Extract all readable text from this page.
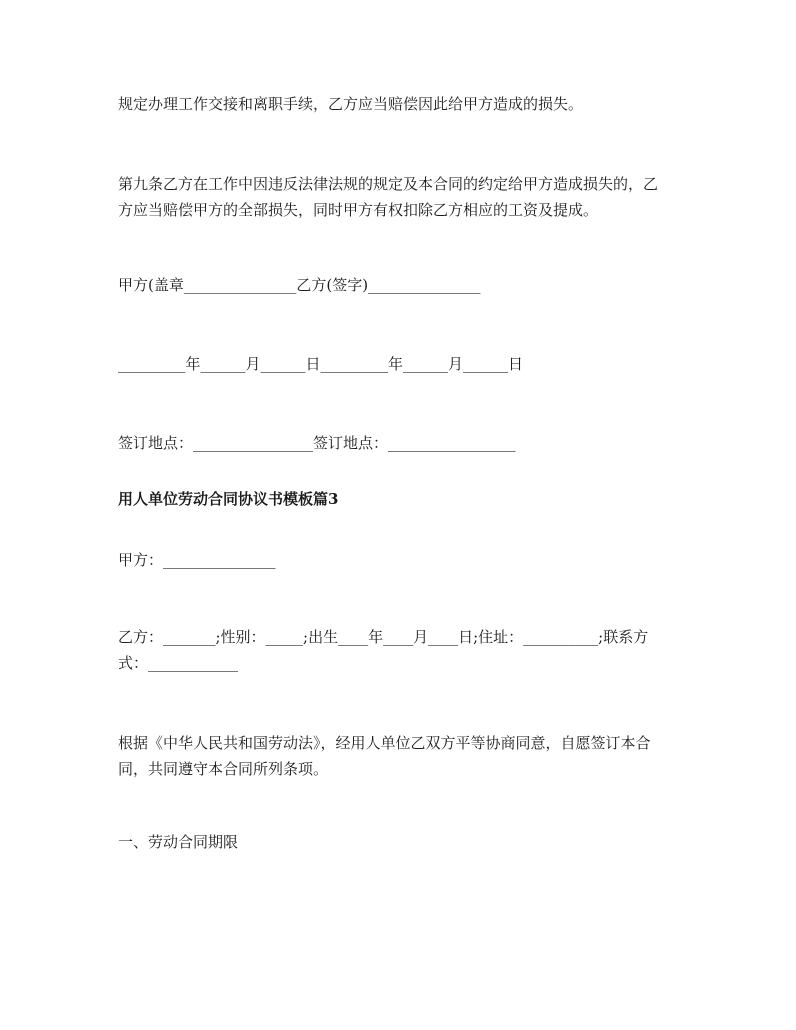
规定办理工作交接和离职手续，乙方应当赔偿因此给甲方造成的损失。

第九条乙方在工作中因违反法律法规的规定及本合同的约定给甲方造成损失的，乙

方应当赔偿甲方的全部损失，同时甲方有权扣除乙方相应的工资及提成。

甲方(盖章_______________乙方(签字)_______________

_________年______月______日_________年______月______日

签订地点：________________签订地点：_________________

用人单位劳动合同协议书模板篇3

甲方：_______________

乙方：_______;性别：_____;出生____年____月____日;住址：__________;联系方

式：____________

根据《中华人民共和国劳动法》，经用人单位乙双方平等协商同意，自愿签订本合

同，共同遵守本合同所列条项。

一、劳动合同期限
